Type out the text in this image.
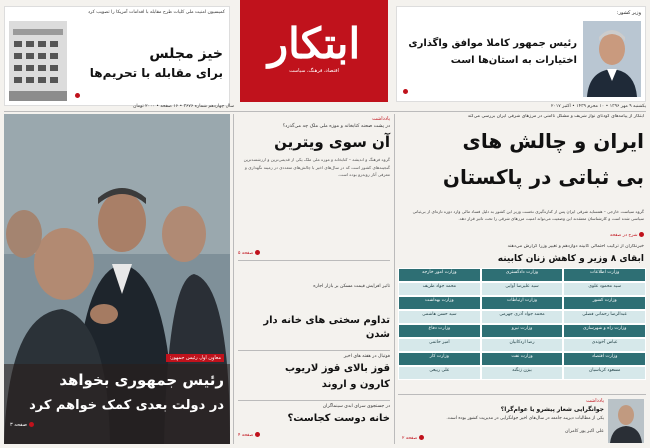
کمیسیون امنیت ملی کلیات طرح مقابله با اقدامات آمریکا را تصویب کرد
خیز مجلس
برای مقابله با تحریم‌ها
ابتکار
اقتصاد، فرهنگ، سیاست
سال چهاردهم شماره ۳۶۷۶ • ۱۶ صفحه • ۲۰۰۰ تومان	یکشنبه ۹ مهر ۱۳۹۶ • ۱۰ محرم ۱۴۳۹ • اکتبر ۲۰۱۷
وزیر کشور:
رئیس جمهور کاملا موافق واگذاری
اختیارات به استان‌ها است
معاون اول رئیس جمهور:
رئیس جمهوری بخواهد
در دولت بعدی کمک خواهم کرد
صفحه ۳
یادداشت
در پشت صحنه کتابخانه و موزه ملی ملک چه می‌گذرد؟
آن سوی ویترین
گروه فرهنگ و اندیشه – کتابخانه و موزه ملی ملک یکی از قدیمی‌ترین و ارزشمندترین گنجینه‌های کشور است که در سال‌های اخیر با چالش‌های متعددی در زمینه نگهداری و معرفی آثار روبه‌رو بوده است.
صفحه ۵
تاثیر افزایش قیمت مسکن بر بازار اجاره
تداوم سختی های خانه دار شدن
فوتبال در هفته های اخیر
قوز بالای قوز لاریوب
کارون و اروند
در جستجوی سرای ابدی سینماگران
خانه دوست کجاست؟
صفحه ۴
ابتکار از پیامدهای کودتای نواز شریف و مشکل ناامنی در مرزهای شرقی ایران بررسی می‌کند
ایران و چالش های
بی ثباتی در پاکستان
گروه سیاست خارجی – همسایه شرقی ایران پس از کناره‌گیری نخست وزیر این کشور به دلیل فساد مالی وارد دوره تازه‌ای از بی‌ثباتی سیاسی شده است و کارشناسان معتقدند این وضعیت می‌تواند امنیت مرزهای شرقی را تحت تاثیر قرار دهد.
شرح در صفحه
خبرنگاران از ترکیب احتمالی کابینه دوازدهم و تغییر وزرا گزارش می‌دهند
ابقای ۸ وزیر و کاهش زنان کابینه
وزارت اطلاعات
وزارت دادگستری
وزارت امور خارجه
سید محمود علوی
سید علیرضا آوایی
محمد جواد ظریف
وزارت کشور
وزارت ارتباطات
وزارت بهداشت
عبدالرضا رحمانی فضلی
محمد جواد آذری جهرمی
سید حسن هاشمی
وزارت راه و شهرسازی
وزارت نیرو
وزارت دفاع
عباس آخوندی
رضا اردکانیان
امیر حاتمی
وزارت اقتصاد
وزارت نفت
وزارت کار
مسعود کرباسیان
بیژن زنگنه
علی ربیعی
یادداشت
جوانگرایی شعار پیشرو یا عوام‌گرا؟
یکی از مطالبات دیرینه جامعه در سال‌های اخیر جوانگرایی در مدیریت کشور بوده است.
علی اکبر پور کامران
صفحه ۲
